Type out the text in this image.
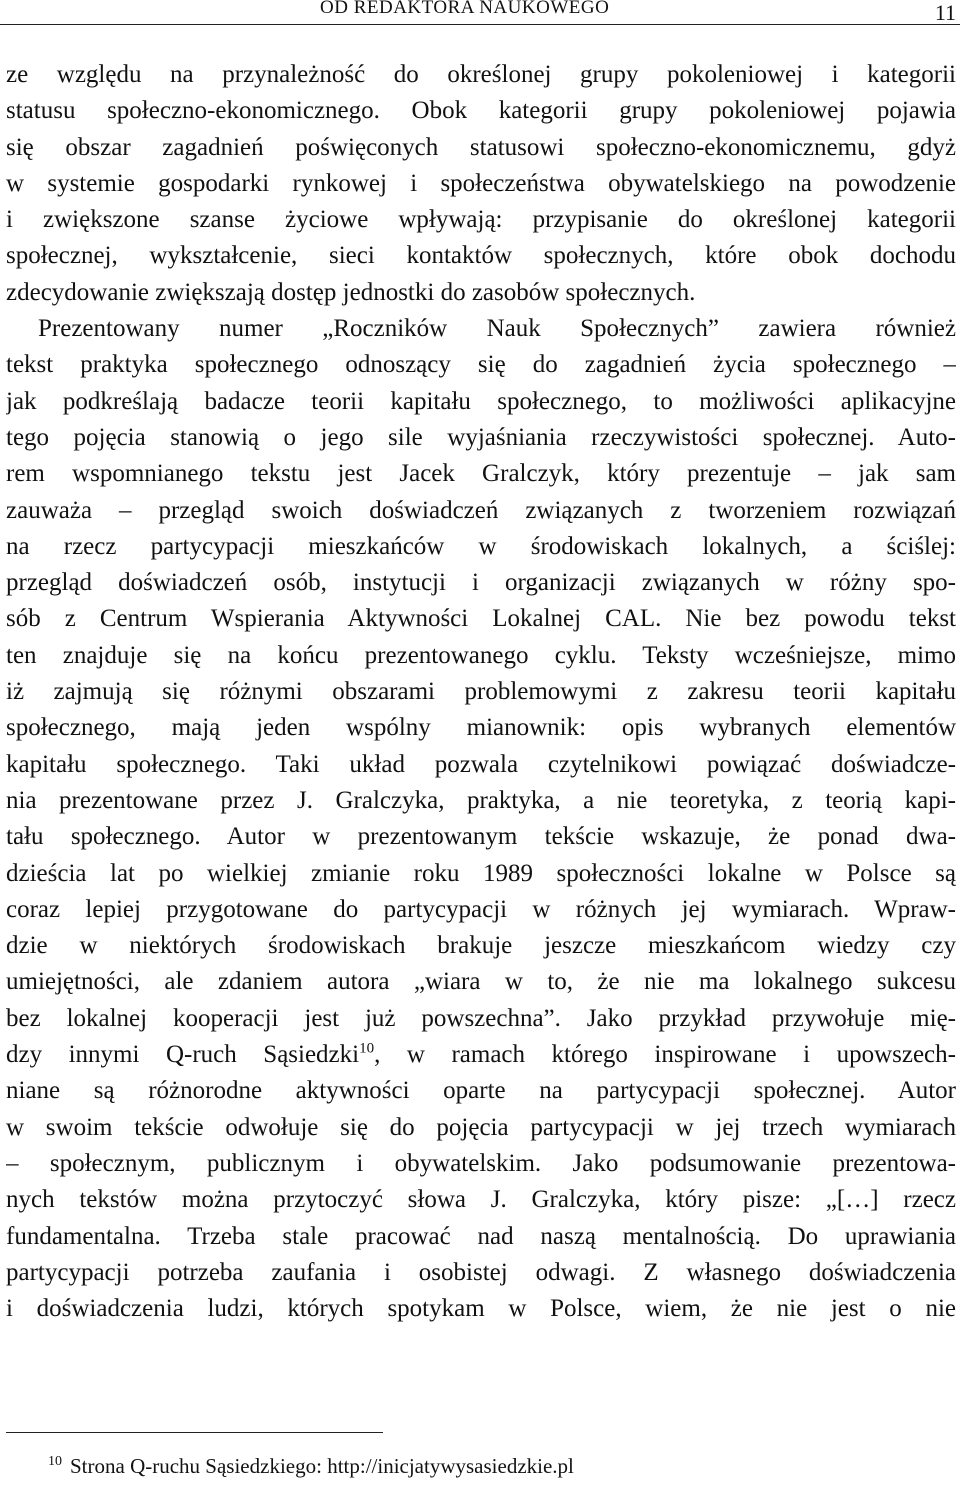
OD REDAKTORA NAUKOWEGO	11
ze względu na przynależność do określonej grupy pokoleniowej i kategorii
statusu społeczno-ekonomicznego. Obok kategorii grupy pokoleniowej pojawia
się obszar zagadnień poświęconych statusowi społeczno-ekonomicznemu, gdyż
w systemie gospodarki rynkowej i społeczeństwa obywatelskiego na powodzenie
i zwiększone szanse życiowe wpływają: przypisanie do określonej kategorii
społecznej, wykształcenie, sieci kontaktów społecznych, które obok dochodu
zdecydowanie zwiększają dostęp jednostki do zasobów społecznych.
Prezentowany numer „Roczników Nauk Społecznych” zawiera również
tekst praktyka społecznego odnoszący się do zagadnień życia społecznego –
jak podkreślają badacze teorii kapitału społecznego, to możliwości aplikacyjne
tego pojęcia stanowią o jego sile wyjaśniania rzeczywistości społecznej. Auto-
rem wspomnianego tekstu jest Jacek Gralczyk, który prezentuje – jak sam
zauważa – przegląd swoich doświadczeń związanych z tworzeniem rozwiązań
na rzecz partycypacji mieszkańców w środowiskach lokalnych, a ściślej:
przegląd doświadczeń osób, instytucji i organizacji związanych w różny spo-
sób z Centrum Wspierania Aktywności Lokalnej CAL. Nie bez powodu tekst
ten znajduje się na końcu prezentowanego cyklu. Teksty wcześniejsze, mimo
iż zajmują się różnymi obszarami problemowymi z zakresu teorii kapitału
społecznego, mają jeden wspólny mianownik: opis wybranych elementów
kapitału społecznego. Taki układ pozwala czytelnikowi powiązać doświadcze-
nia prezentowane przez J. Gralczyka, praktyka, a nie teoretyka, z teorią kapi-
tału społecznego. Autor w prezentowanym tekście wskazuje, że ponad dwa-
dzieścia lat po wielkiej zmianie roku 1989 społeczności lokalne w Polsce są
coraz lepiej przygotowane do partycypacji w różnych jej wymiarach. Wpraw-
dzie w niektórych środowiskach brakuje jeszcze mieszkańcom wiedzy czy
umiejętności, ale zdaniem autora „wiara w to, że nie ma lokalnego sukcesu
bez lokalnej kooperacji jest już powszechna”. Jako przykład przywołuje mię-
dzy innymi Q-ruch Sąsiedzki$^{10}$, w ramach którego inspirowane i upowszech-
niane są różnorodne aktywności oparte na partycypacji społecznej. Autor
w swoim tekście odwołuje się do pojęcia partycypacji w jej trzech wymiarach
– społecznym, publicznym i obywatelskim. Jako podsumowanie prezentowa-
nych tekstów można przytoczyć słowa J. Gralczyka, który pisze: „[…] rzecz
fundamentalna. Trzeba stale pracować nad naszą mentalnością. Do uprawiania
partycypacji potrzeba zaufania i osobistej odwagi. Z własnego doświadczenia
i doświadczenia ludzi, których spotykam w Polsce, wiem, że nie jest o nie
$^{10}$ Strona Q-ruchu Sąsiedzkiego: http://inicjatywysasiedzkie.pl
